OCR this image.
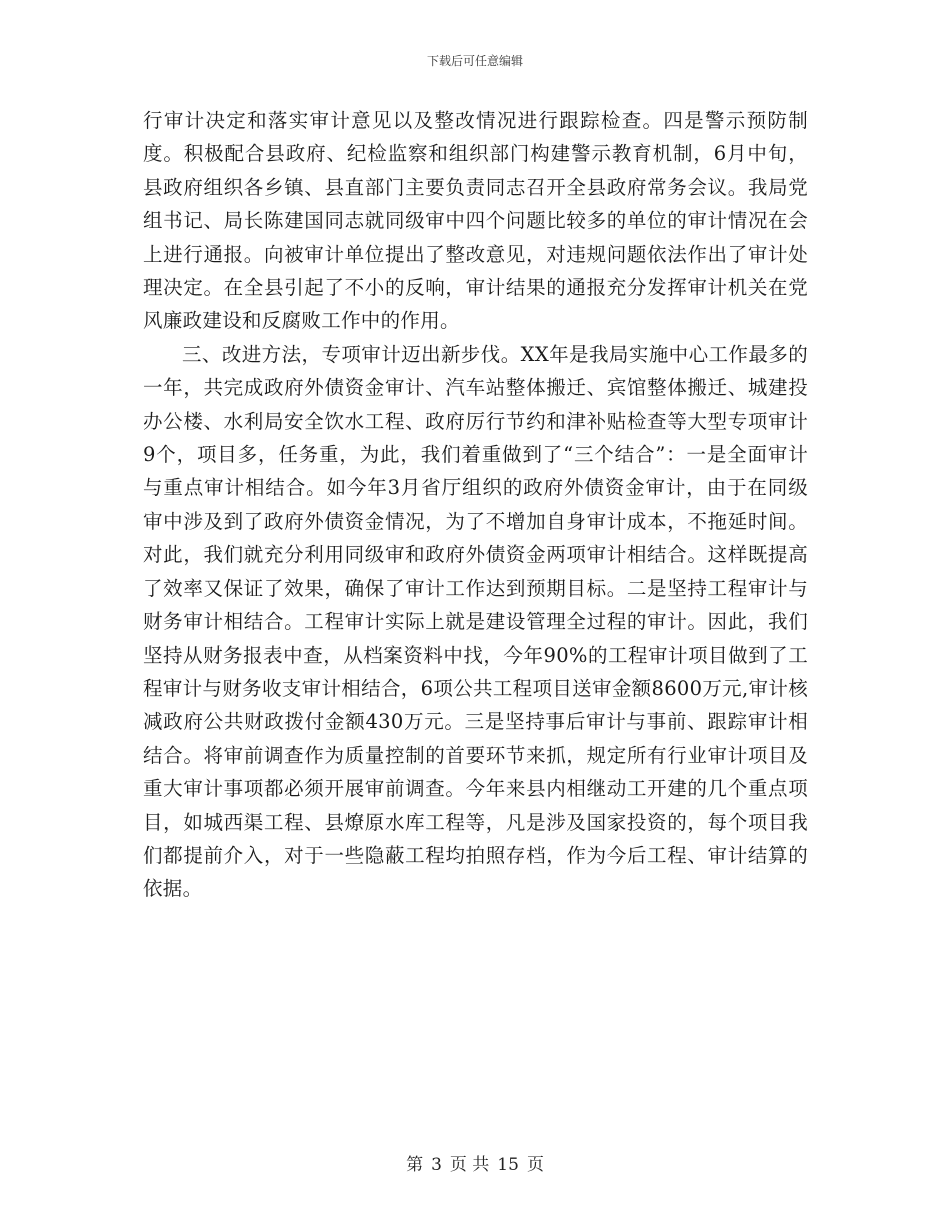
下载后可任意编辑

行审计决定和落实审计意见以及整改情况进行跟踪检查。四是警示预防制度。积极配合县政府、纪检监察和组织部门构建警示教育机制，6月中旬，县政府组织各乡镇、县直部门主要负责同志召开全县政府常务会议。我局党组书记、局长陈建国同志就同级审中四个问题比较多的单位的审计情况在会上进行通报。向被审计单位提出了整改意见，对违规问题依法作出了审计处理决定。在全县引起了不小的反响，审计结果的通报充分发挥审计机关在党风廉政建设和反腐败工作中的作用。

三、改进方法，专项审计迈出新步伐。XX年是我局实施中心工作最多的一年，共完成政府外债资金审计、汽车站整体搬迁、宾馆整体搬迁、城建投办公楼、水利局安全饮水工程、政府厉行节约和津补贴检查等大型专项审计9个，项目多，任务重，为此，我们着重做到了“三个结合”：一是全面审计与重点审计相结合。如今年3月省厅组织的政府外债资金审计，由于在同级审中涉及到了政府外债资金情况，为了不增加自身审计成本，不拖延时间。对此，我们就充分利用同级审和政府外债资金两项审计相结合。这样既提高了效率又保证了效果，确保了审计工作达到预期目标。二是坚持工程审计与财务审计相结合。工程审计实际上就是建设管理全过程的审计。因此，我们坚持从财务报表中查，从档案资料中找，今年90%的工程审计项目做到了工程审计与财务收支审计相结合，6项公共工程项目送审金额8600万元,审计核减政府公共财政拨付金额430万元。三是坚持事后审计与事前、跟踪审计相结合。将审前调查作为质量控制的首要环节来抓，规定所有行业审计项目及重大审计事项都必须开展审前调查。今年来县内相继动工开建的几个重点项目，如城西渠工程、县燎原水库工程等，凡是涉及国家投资的，每个项目我们都提前介入，对于一些隐蔽工程均拍照存档，作为今后工程、审计结算的依据。

第 3 页 共 15 页
